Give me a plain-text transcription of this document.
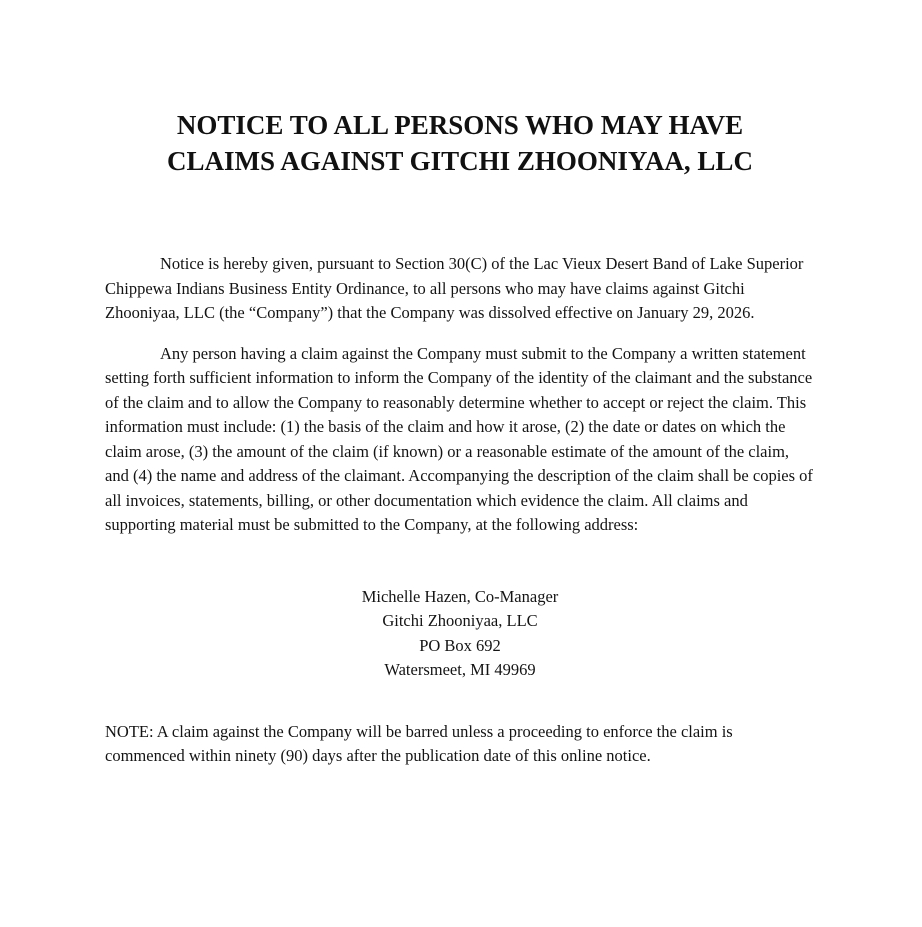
NOTICE TO ALL PERSONS WHO MAY HAVE
CLAIMS AGAINST GITCHI ZHOONIYAA, LLC

Notice is hereby given, pursuant to Section 30(C) of the Lac Vieux Desert Band of Lake Superior Chippewa Indians Business Entity Ordinance, to all persons who may have claims against Gitchi Zhooniyaa, LLC (the “Company”) that the Company was dissolved effective on January 29, 2026.

Any person having a claim against the Company must submit to the Company a written statement setting forth sufficient information to inform the Company of the identity of the claimant and the substance of the claim and to allow the Company to reasonably determine whether to accept or reject the claim. This information must include: (1) the basis of the claim and how it arose, (2) the date or dates on which the claim arose, (3) the amount of the claim (if known) or a reasonable estimate of the amount of the claim, and (4) the name and address of the claimant. Accompanying the description of the claim shall be copies of all invoices, statements, billing, or other documentation which evidence the claim. All claims and supporting material must be submitted to the Company, at the following address:

Michelle Hazen, Co-Manager
Gitchi Zhooniyaa, LLC
PO Box 692
Watersmeet, MI 49969

NOTE: A claim against the Company will be barred unless a proceeding to enforce the claim is commenced within ninety (90) days after the publication date of this online notice.
